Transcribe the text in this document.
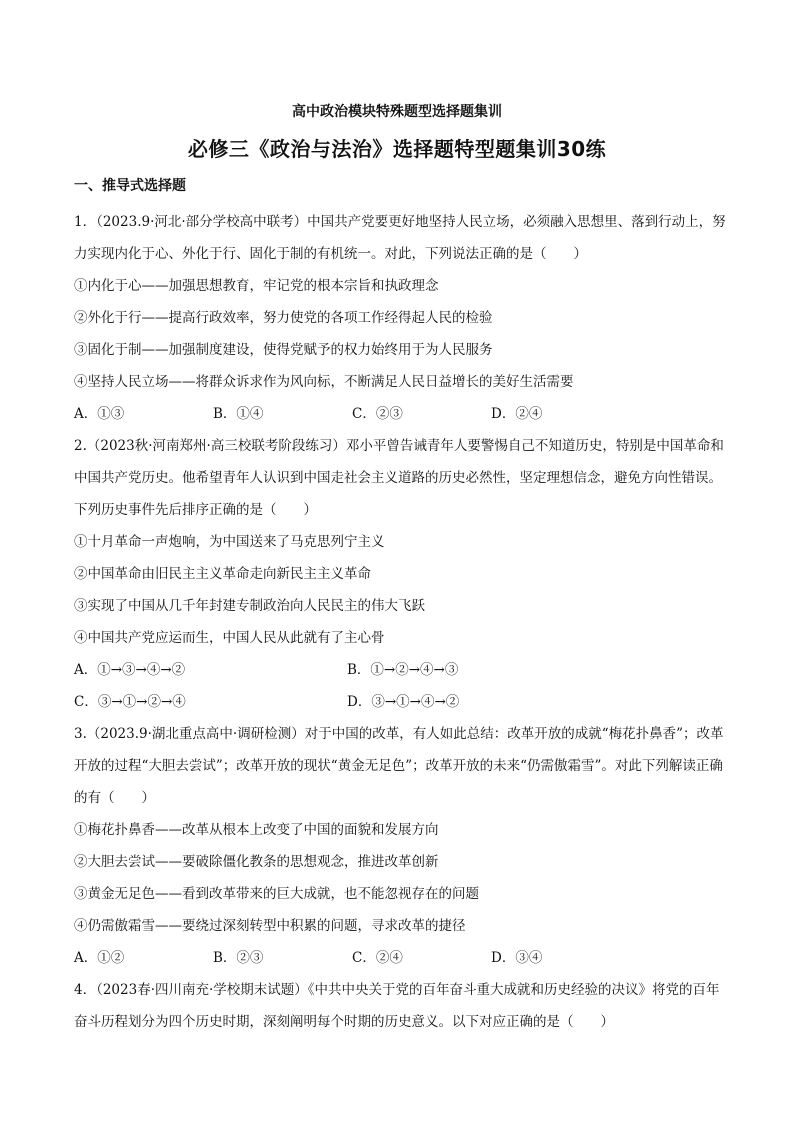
高中政治模块特殊题型选择题集训
必修三《政治与法治》选择题特型题集训30练
一、推导式选择题
1．（2023.9·河北·部分学校高中联考）中国共产党要更好地坚持人民立场，必须融入思想里、落到行动上，努力实现内化于心、外化于行、固化于制的有机统一。对此，下列说法正确的是（　　）
①内化于心——加强思想教育，牢记党的根本宗旨和执政理念
②外化于行——提高行政效率，努力使党的各项工作经得起人民的检验
③固化于制——加强制度建设，使得党赋予的权力始终用于为人民服务
④坚持人民立场——将群众诉求作为风向标，不断满足人民日益增长的美好生活需要
A．①③	B．①④	C．②③	D．②④
2.（2023秋·河南郑州·高三校联考阶段练习）邓小平曾告诫青年人要警惕自己不知道历史，特别是中国革命和中国共产党历史。他希望青年人认识到中国走社会主义道路的历史必然性，坚定理想信念，避免方向性错误。下列历史事件先后排序正确的是（　　）
①十月革命一声炮响，为中国送来了马克思列宁主义
②中国革命由旧民主主义革命走向新民主主义革命
③实现了中国从几千年封建专制政治向人民民主的伟大飞跃
④中国共产党应运而生，中国人民从此就有了主心骨
A．①→③→④→②	B．①→②→④→③
C．③→①→②→④	D．③→①→④→②
3.（2023.9·湖北重点高中·调研检测）对于中国的改革，有人如此总结：改革开放的成就“梅花扑鼻香”；改革开放的过程“大胆去尝试”；改革开放的现状“黄金无足色”；改革开放的未来“仍需傲霜雪”。对此下列解读正确的有（　　）
①梅花扑鼻香——改革从根本上改变了中国的面貌和发展方向
②大胆去尝试——要破除僵化教条的思想观念，推进改革创新
③黄金无足色——看到改革带来的巨大成就，也不能忽视存在的问题
④仍需傲霜雪——要绕过深刻转型中积累的问题，寻求改革的捷径
A．①②	B．②③	C．②④	D．③④
4．（2023春·四川南充·学校期末试题）《中共中央关于党的百年奋斗重大成就和历史经验的决议》将党的百年奋斗历程划分为四个历史时期，深刻阐明每个时期的历史意义。以下对应正确的是（　　）
